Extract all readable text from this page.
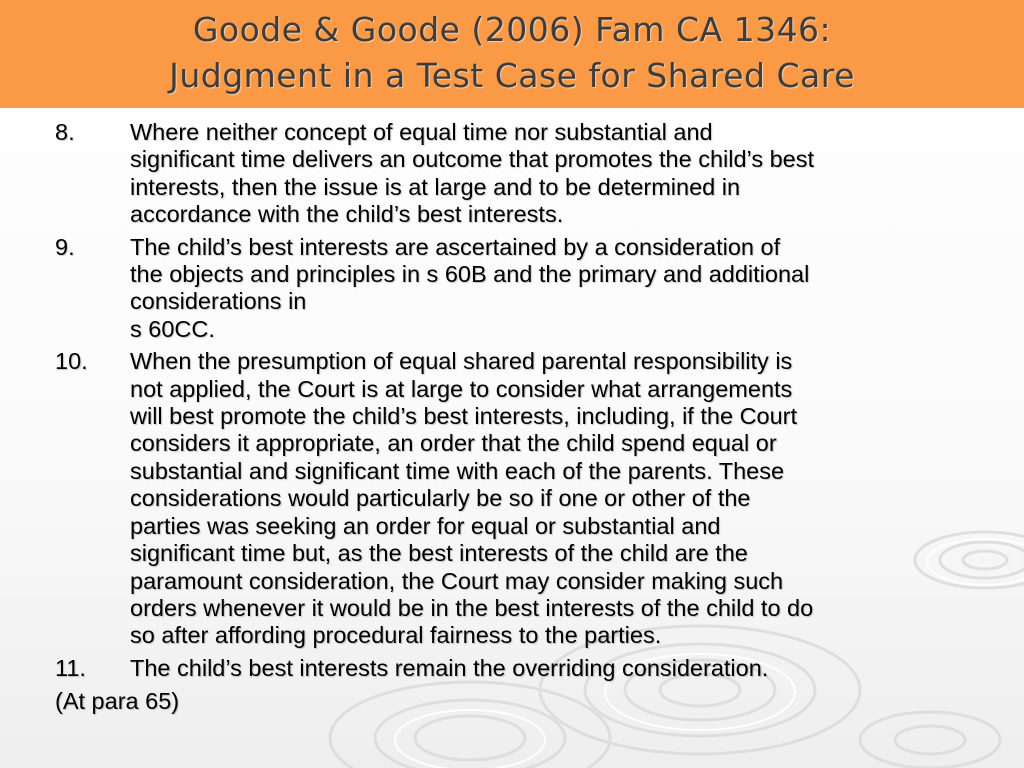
Goode & Goode (2006) Fam CA 1346:
Judgment in a Test Case for Shared Care
8. Where neither concept of equal time nor substantial and
significant time delivers an outcome that promotes the child’s best
interests, then the issue is at large and to be determined in
accordance with the child’s best interests.
9. The child’s best interests are ascertained by a consideration of
the objects and principles in s 60B and the primary and additional
considerations in
s 60CC.
10. When the presumption of equal shared parental responsibility is
not applied, the Court is at large to consider what arrangements
will best promote the child’s best interests, including, if the Court
considers it appropriate, an order that the child spend equal or
substantial and significant time with each of the parents. These
considerations would particularly be so if one or other of the
parties was seeking an order for equal or substantial and
significant time but, as the best interests of the child are the
paramount consideration, the Court may consider making such
orders whenever it would be in the best interests of the child to do
so after affording procedural fairness to the parties.
11. The child’s best interests remain the overriding consideration.
(At para 65)
